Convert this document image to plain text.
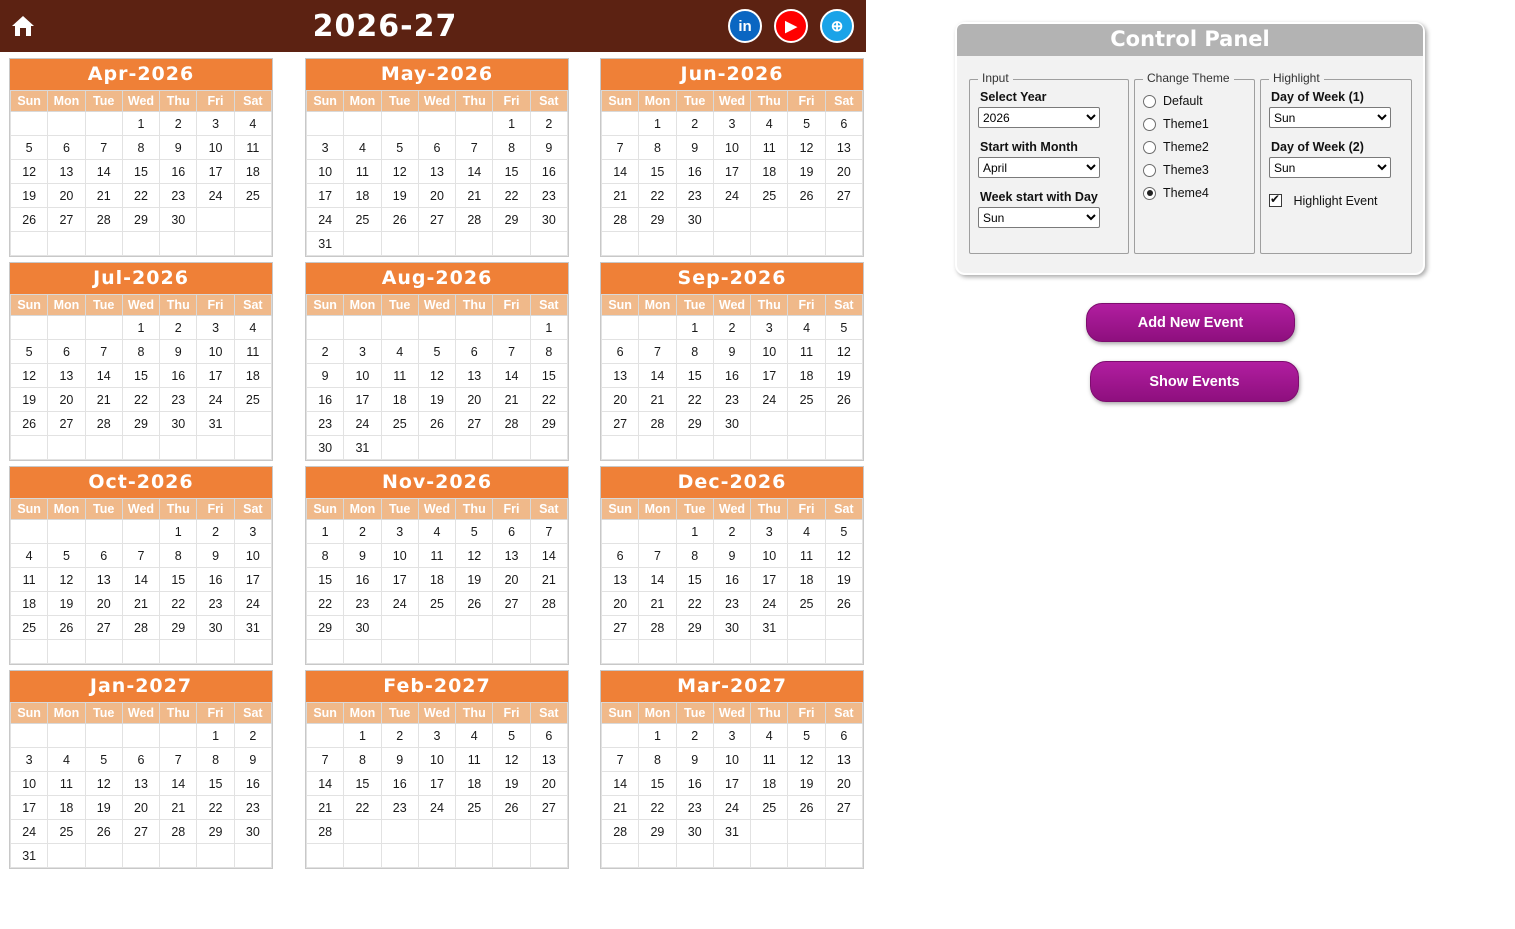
2026-27	in	▶	⊕
Apr-2026
Sun	Mon	Tue	Wed	Thu	Fri	Sat
			1	2	3	4
5	6	7	8	9	10	11
12	13	14	15	16	17	18
19	20	21	22	23	24	25
26	27	28	29	30		

May-2026
Sun	Mon	Tue	Wed	Thu	Fri	Sat
					1	2
3	4	5	6	7	8	9
10	11	12	13	14	15	16
17	18	19	20	21	22	23
24	25	26	27	28	29	30
31						
Jun-2026
Sun	Mon	Tue	Wed	Thu	Fri	Sat
	1	2	3	4	5	6
7	8	9	10	11	12	13
14	15	16	17	18	19	20
21	22	23	24	25	26	27
28	29	30				

Jul-2026
Sun	Mon	Tue	Wed	Thu	Fri	Sat
			1	2	3	4
5	6	7	8	9	10	11
12	13	14	15	16	17	18
19	20	21	22	23	24	25
26	27	28	29	30	31	

Aug-2026
Sun	Mon	Tue	Wed	Thu	Fri	Sat
						1
2	3	4	5	6	7	8
9	10	11	12	13	14	15
16	17	18	19	20	21	22
23	24	25	26	27	28	29
30	31					
Sep-2026
Sun	Mon	Tue	Wed	Thu	Fri	Sat
		1	2	3	4	5
6	7	8	9	10	11	12
13	14	15	16	17	18	19
20	21	22	23	24	25	26
27	28	29	30			

Oct-2026
Sun	Mon	Tue	Wed	Thu	Fri	Sat
				1	2	3
4	5	6	7	8	9	10
11	12	13	14	15	16	17
18	19	20	21	22	23	24
25	26	27	28	29	30	31

Nov-2026
Sun	Mon	Tue	Wed	Thu	Fri	Sat
1	2	3	4	5	6	7
8	9	10	11	12	13	14
15	16	17	18	19	20	21
22	23	24	25	26	27	28
29	30					

Dec-2026
Sun	Mon	Tue	Wed	Thu	Fri	Sat
		1	2	3	4	5
6	7	8	9	10	11	12
13	14	15	16	17	18	19
20	21	22	23	24	25	26
27	28	29	30	31		

Jan-2027
Sun	Mon	Tue	Wed	Thu	Fri	Sat
					1	2
3	4	5	6	7	8	9
10	11	12	13	14	15	16
17	18	19	20	21	22	23
24	25	26	27	28	29	30
31						
Feb-2027
Sun	Mon	Tue	Wed	Thu	Fri	Sat
	1	2	3	4	5	6
7	8	9	10	11	12	13
14	15	16	17	18	19	20
21	22	23	24	25	26	27
28						

Mar-2027
Sun	Mon	Tue	Wed	Thu	Fri	Sat
	1	2	3	4	5	6
7	8	9	10	11	12	13
14	15	16	17	18	19	20
21	22	23	24	25	26	27
28	29	30	31			

Control Panel
Input
Select Year
2026
Start with Month
April
Week start with Day
Sun
Change Theme
Default
Theme1
Theme2
Theme3
Theme4
Highlight
Day of Week (1)
Sun
Day of Week (2)
Sun
✔ Highlight Event
Add New Event
Show Events
